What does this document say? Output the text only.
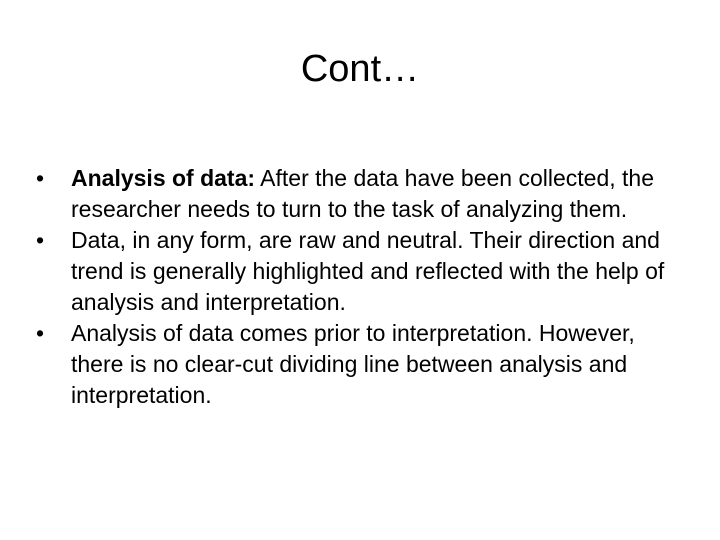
Cont…
•	Analysis of data: After the data have been collected, the researcher needs to turn to the task of analyzing them.
•	Data, in any form, are raw and neutral. Their direction and trend is generally highlighted and reflected with the help of analysis and interpretation.
•	Analysis of data comes prior to interpretation. However, there is no clear-cut dividing line between analysis and interpretation.
